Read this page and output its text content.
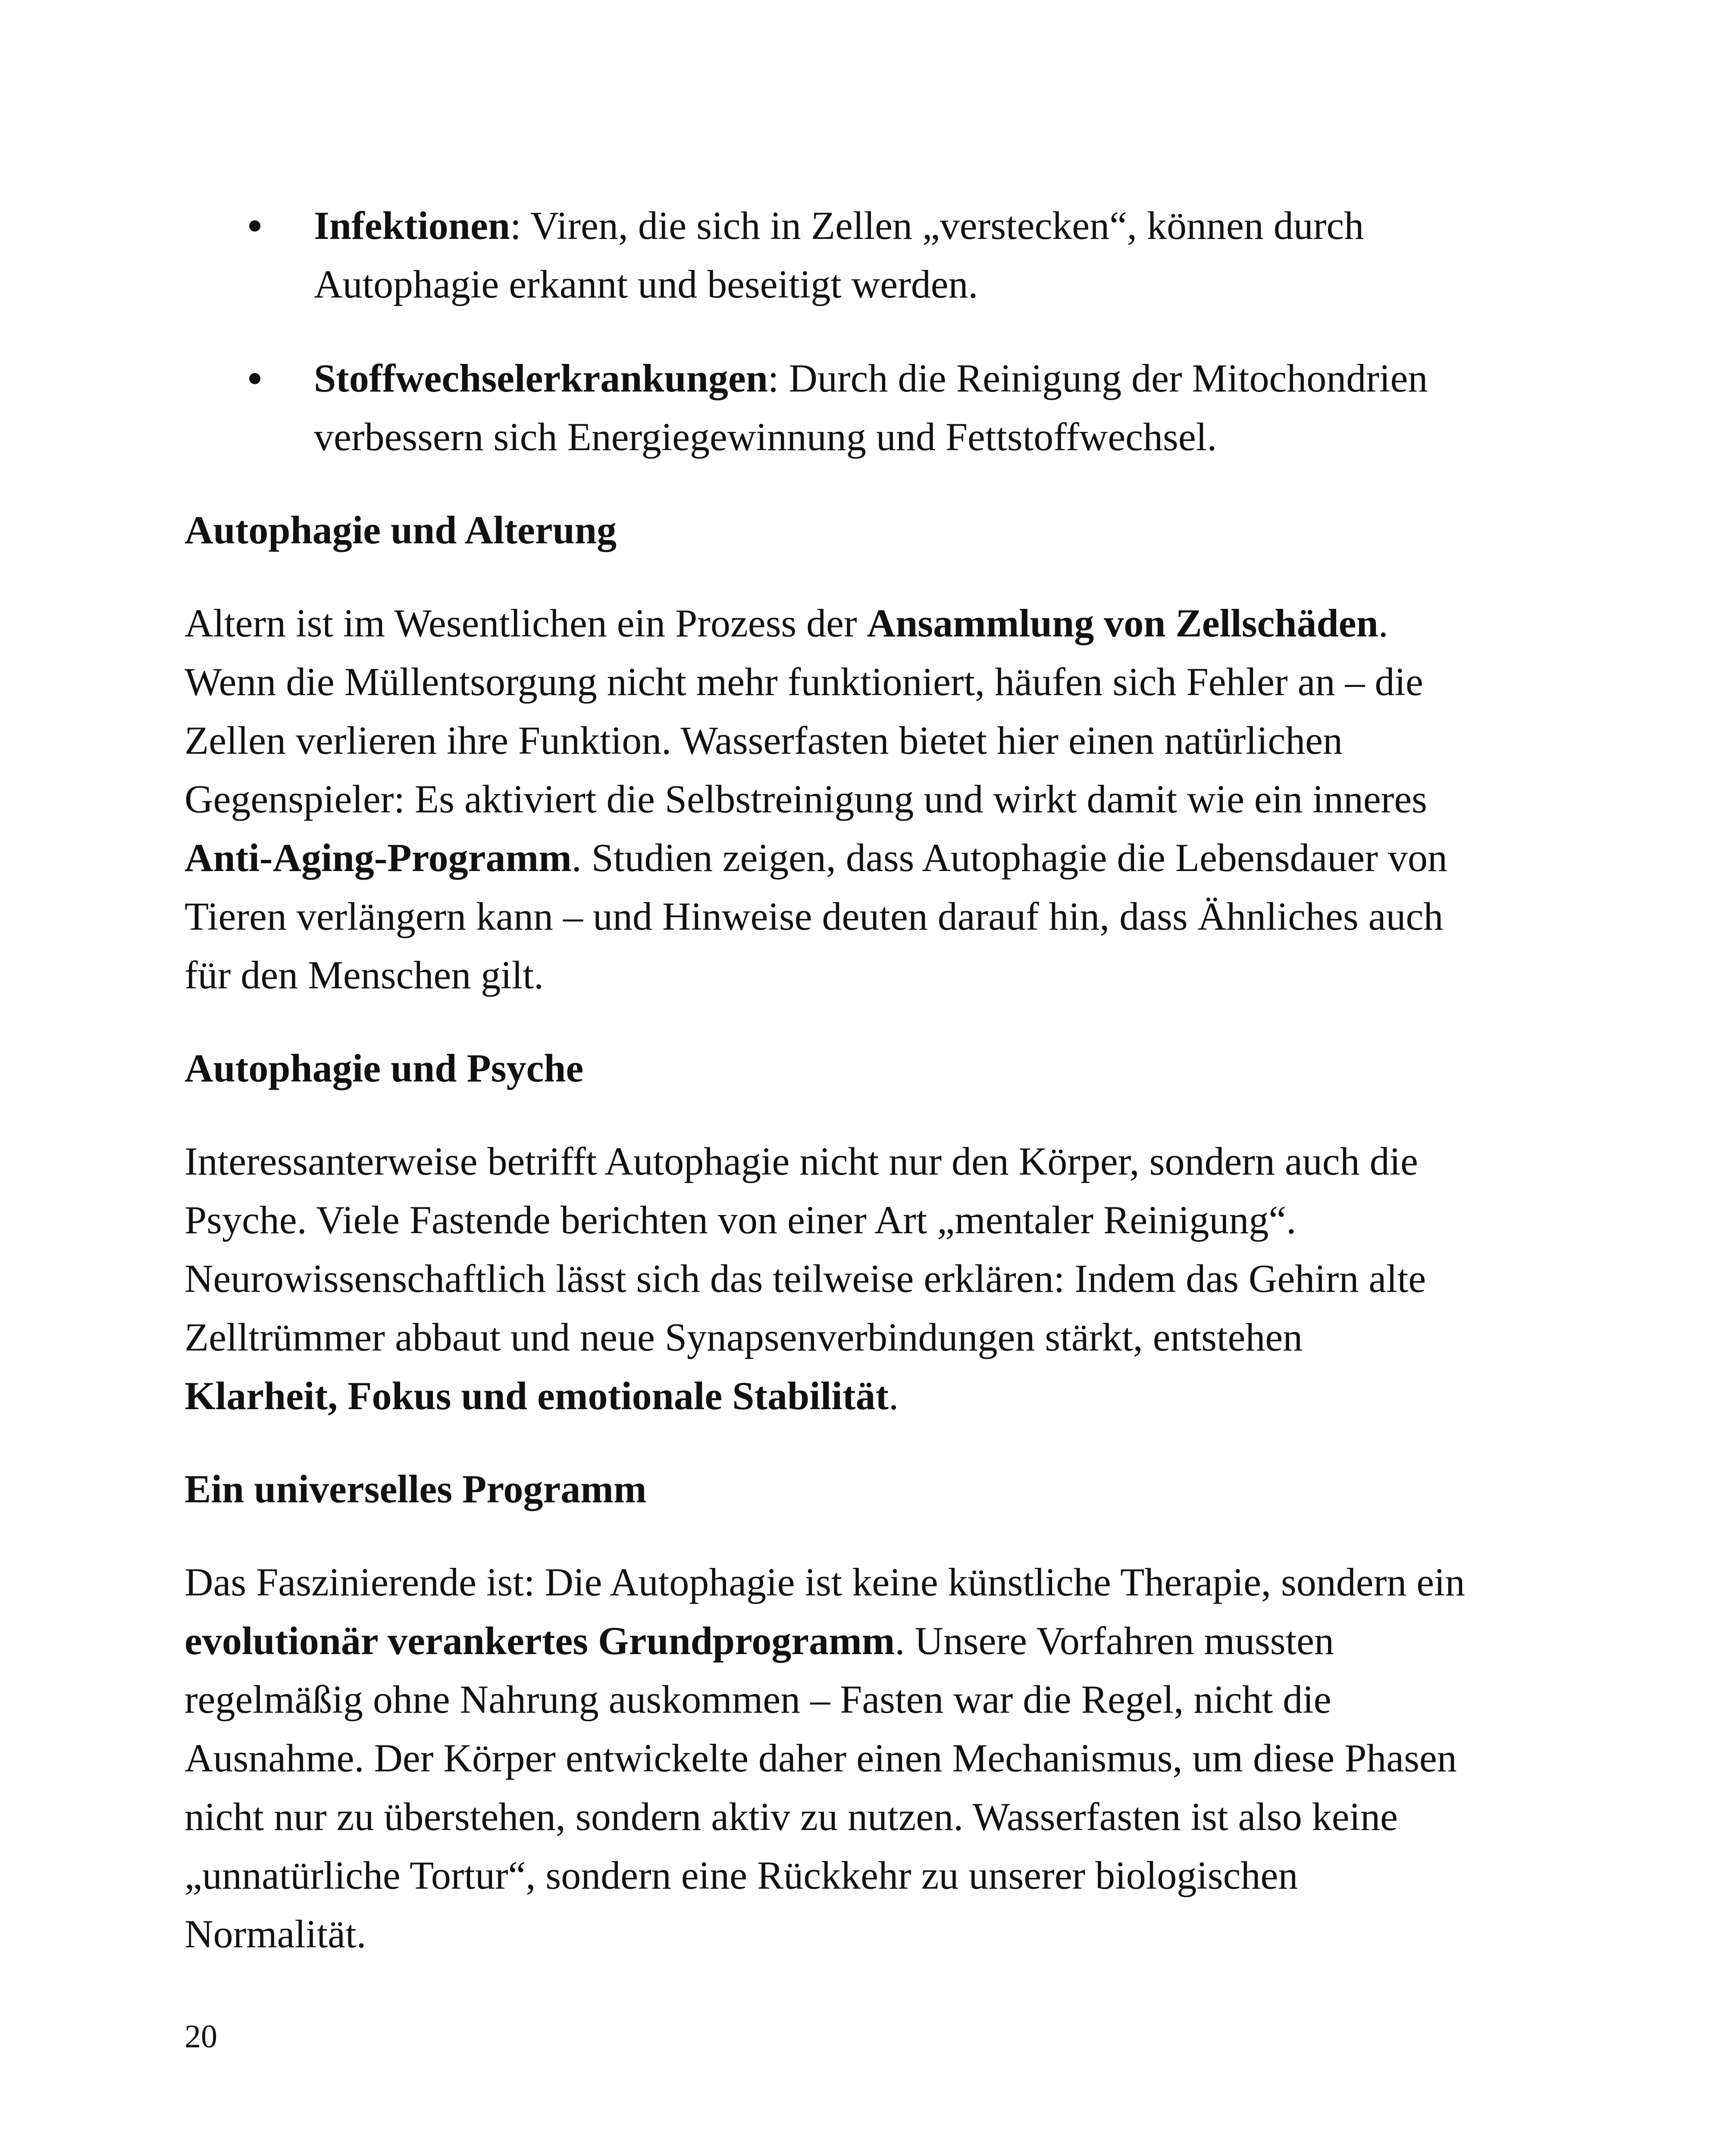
Infektionen: Viren, die sich in Zellen „verstecken“, können durch
Autophagie erkannt und beseitigt werden.
Stoffwechselerkrankungen: Durch die Reinigung der Mitochondrien
verbessern sich Energiegewinnung und Fettstoffwechsel.

Autophagie und Alterung

Altern ist im Wesentlichen ein Prozess der Ansammlung von Zellschäden.
Wenn die Müllentsorgung nicht mehr funktioniert, häufen sich Fehler an – die
Zellen verlieren ihre Funktion. Wasserfasten bietet hier einen natürlichen
Gegenspieler: Es aktiviert die Selbstreinigung und wirkt damit wie ein inneres
Anti-Aging-Programm. Studien zeigen, dass Autophagie die Lebensdauer von
Tieren verlängern kann – und Hinweise deuten darauf hin, dass Ähnliches auch
für den Menschen gilt.

Autophagie und Psyche

Interessanterweise betrifft Autophagie nicht nur den Körper, sondern auch die
Psyche. Viele Fastende berichten von einer Art „mentaler Reinigung“.
Neurowissenschaftlich lässt sich das teilweise erklären: Indem das Gehirn alte
Zelltrümmer abbaut und neue Synapsenverbindungen stärkt, entstehen
Klarheit, Fokus und emotionale Stabilität.

Ein universelles Programm

Das Faszinierende ist: Die Autophagie ist keine künstliche Therapie, sondern ein
evolutionär verankertes Grundprogramm. Unsere Vorfahren mussten
regelmäßig ohne Nahrung auskommen – Fasten war die Regel, nicht die
Ausnahme. Der Körper entwickelte daher einen Mechanismus, um diese Phasen
nicht nur zu überstehen, sondern aktiv zu nutzen. Wasserfasten ist also keine
„unnatürliche Tortur“, sondern eine Rückkehr zu unserer biologischen
Normalität.

20
